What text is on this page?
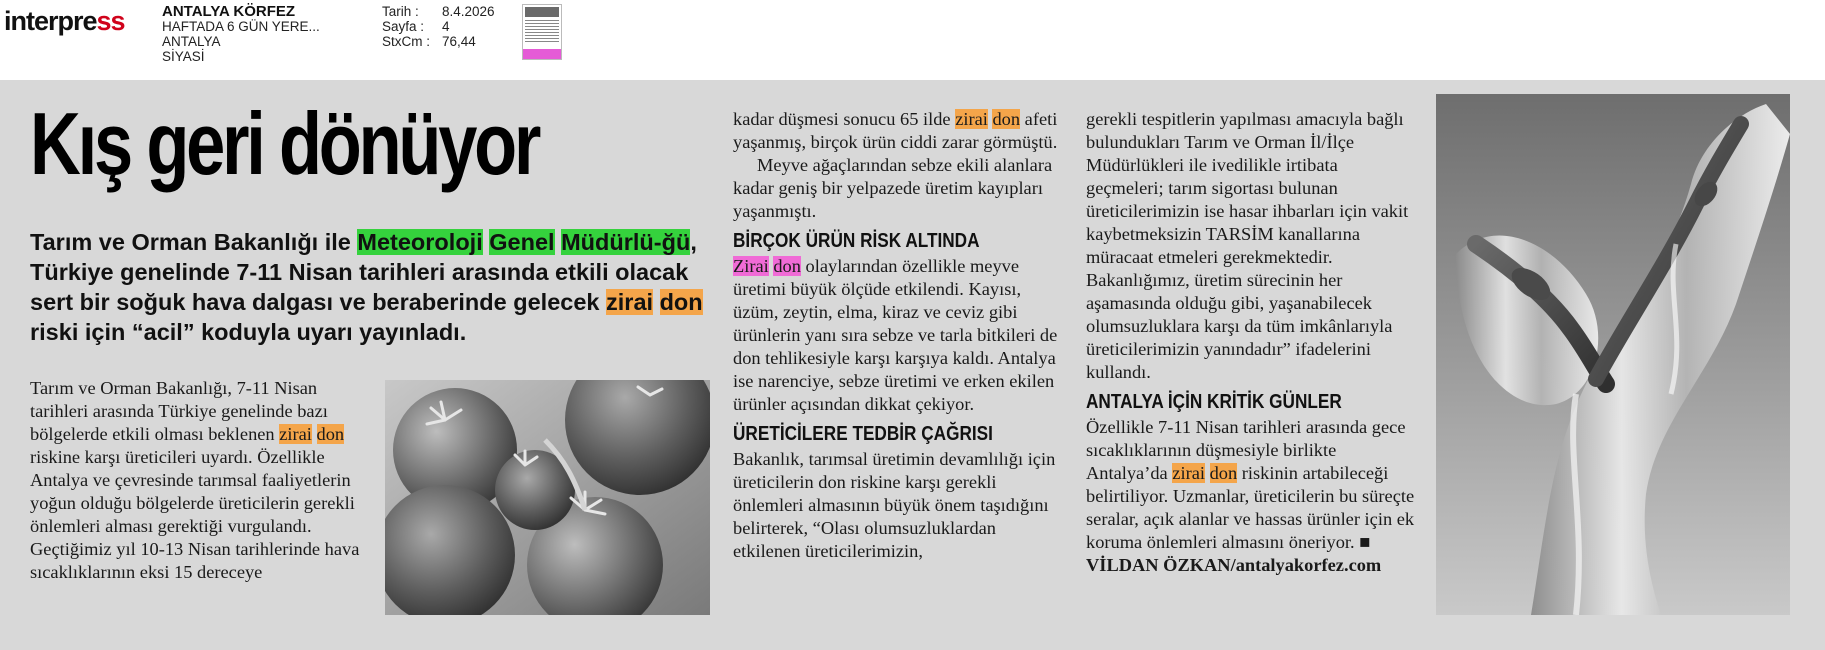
interpress ANTALYA KÖRFEZ
HAFTADA 6 GÜN YERE...
ANTALYA
SİYASİ
Tarih :	8.4.2026
Sayfa :	4
StxCm : 76,44
Kış geri dönüyor

Tarım ve Orman Bakanlığı ile Meteoroloji Genel Müdürlü-ğü, Türkiye genelinde 7-11 Nisan tarihleri arasında etkili olacak sert bir soğuk hava dalgası ve beraberinde gelecek zirai don riski için “acil” koduyla uyarı yayınladı.

Tarım ve Orman Bakanlığı, 7-11 Nisan tarihleri arasında Türkiye genelinde bazı bölgelerde etkili olması beklenen zirai don riskine karşı üreticileri uyardı. Özellikle Antalya ve çevresinde tarımsal faaliyetlerin yoğun olduğu bölgelerde üreticilerin gerekli önlemleri alması gerektiği vurgulandı. Geçtiğimiz yıl 10-13 Nisan tarihlerinde hava sıcaklıklarının eksi 15 dereceye

kadar düşmesi sonucu 65 ilde zirai don afeti yaşanmış, birçok ürün ciddi zarar görmüştü.
Meyve ağaçlarından sebze ekili alanlara kadar geniş bir yelpazede üretim kayıpları yaşanmıştı.
BİRÇOK ÜRÜN RİSK ALTINDA
Zirai don olaylarından özellikle meyve üretimi büyük ölçüde etkilendi. Kayısı, üzüm, zeytin, elma, kiraz ve ceviz gibi ürünlerin yanı sıra sebze ve tarla bitkileri de don tehlikesiyle karşı karşıya kaldı. Antalya ise narenciye, sebze üretimi ve erken ekilen ürünler açısından dikkat çekiyor.
ÜRETİCİLERE TEDBİR ÇAĞRISI
Bakanlık, tarımsal üretimin devamlılığı için üreticilerin don riskine karşı gerekli önlemleri almasının büyük önem taşıdığını belirterek, “Olası olumsuzluklardan etkilenen üreticilerimizin,
gerekli tespitlerin yapılması amacıyla bağlı bulundukları Tarım ve Orman İl/İlçe Müdürlükleri ile ivedilikle irtibata geçmeleri; tarım sigortası bulunan üreticilerimizin ise hasar ihbarları için vakit kaybetmeksizin TARSİM kanallarına müracaat etmeleri gerekmektedir. Bakanlığımız, üretim sürecinin her aşamasında olduğu gibi, yaşanabilecek olumsuzluklara karşı da tüm imkânlarıyla üreticilerimizin yanındadır” ifadelerini kullandı.
ANTALYA İÇİN KRİTİK GÜNLER
Özellikle 7-11 Nisan tarihleri arasında gece sıcaklıklarının düşmesiyle birlikte Antalya’da zirai don riskinin artabileceği belirtiliyor. Uzmanlar, üreticilerin bu süreçte seralar, açık alanlar ve hassas ürünler için ek koruma önlemleri almasını öneriyor. ■ VİLDAN ÖZKAN/antalyakorfez.com
